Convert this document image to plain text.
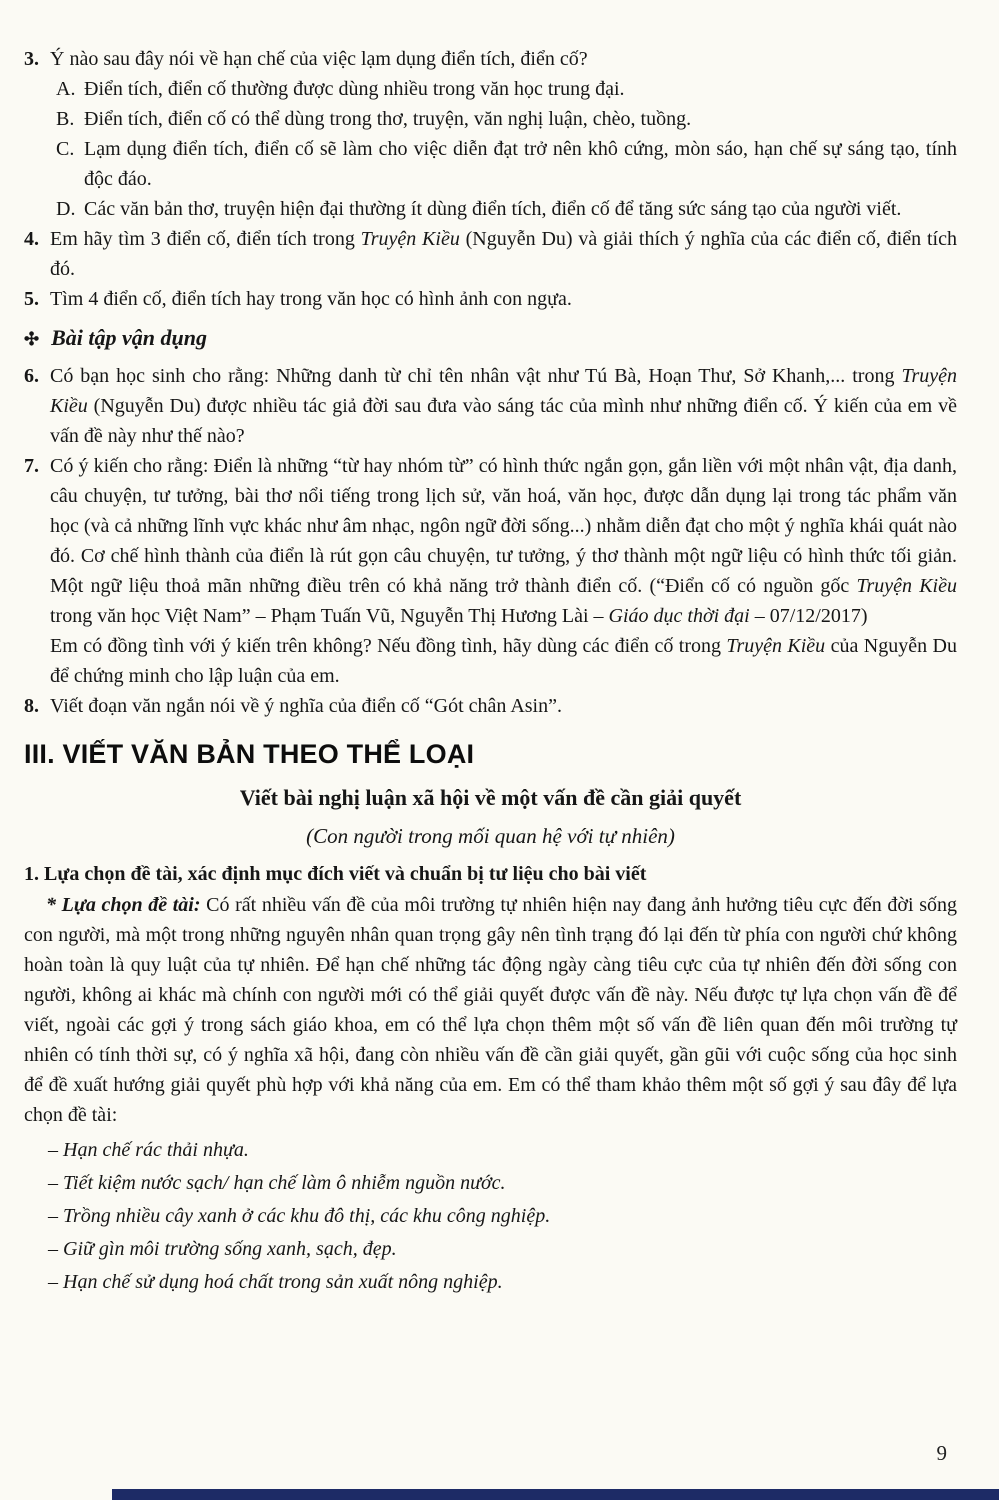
3. Ý nào sau đây nói về hạn chế của việc lạm dụng điển tích, điển cố?
A. Điển tích, điển cố thường được dùng nhiều trong văn học trung đại.
B. Điển tích, điển cố có thể dùng trong thơ, truyện, văn nghị luận, chèo, tuồng.
C. Lạm dụng điển tích, điển cố sẽ làm cho việc diễn đạt trở nên khô cứng, mòn sáo, hạn chế sự sáng tạo, tính độc đáo.
D. Các văn bản thơ, truyện hiện đại thường ít dùng điển tích, điển cố để tăng sức sáng tạo của người viết.
4. Em hãy tìm 3 điển cố, điển tích trong Truyện Kiều (Nguyễn Du) và giải thích ý nghĩa của các điển cố, điển tích đó.
5. Tìm 4 điển cố, điển tích hay trong văn học có hình ảnh con ngựa.
✣ Bài tập vận dụng
6. Có bạn học sinh cho rằng: Những danh từ chỉ tên nhân vật như Tú Bà, Hoạn Thư, Sở Khanh,... trong Truyện Kiều (Nguyễn Du) được nhiều tác giả đời sau đưa vào sáng tác của mình như những điển cố. Ý kiến của em về vấn đề này như thế nào?
7. Có ý kiến cho rằng: Điển là những “từ hay nhóm từ” có hình thức ngắn gọn, gắn liền với một nhân vật, địa danh, câu chuyện, tư tưởng, bài thơ nổi tiếng trong lịch sử, văn hoá, văn học, được dẫn dụng lại trong tác phẩm văn học (và cả những lĩnh vực khác như âm nhạc, ngôn ngữ đời sống...) nhằm diễn đạt cho một ý nghĩa khái quát nào đó. Cơ chế hình thành của điển là rút gọn câu chuyện, tư tưởng, ý thơ thành một ngữ liệu có hình thức tối giản. Một ngữ liệu thoả mãn những điều trên có khả năng trở thành điển cố. (“Điển cố có nguồn gốc Truyện Kiều trong văn học Việt Nam” – Phạm Tuấn Vũ, Nguyễn Thị Hương Lài – Giáo dục thời đại – 07/12/2017)
Em có đồng tình với ý kiến trên không? Nếu đồng tình, hãy dùng các điển cố trong Truyện Kiều của Nguyễn Du để chứng minh cho lập luận của em.
8. Viết đoạn văn ngắn nói về ý nghĩa của điển cố “Gót chân Asin”.
III. VIẾT VĂN BẢN THEO THỂ LOẠI
Viết bài nghị luận xã hội về một vấn đề cần giải quyết
(Con người trong mối quan hệ với tự nhiên)
1. Lựa chọn đề tài, xác định mục đích viết và chuẩn bị tư liệu cho bài viết

* Lựa chọn đề tài: Có rất nhiều vấn đề của môi trường tự nhiên hiện nay đang ảnh hưởng tiêu cực đến đời sống con người, mà một trong những nguyên nhân quan trọng gây nên tình trạng đó lại đến từ phía con người chứ không hoàn toàn là quy luật của tự nhiên. Để hạn chế những tác động ngày càng tiêu cực của tự nhiên đến đời sống con người, không ai khác mà chính con người mới có thể giải quyết được vấn đề này. Nếu được tự lựa chọn vấn đề để viết, ngoài các gợi ý trong sách giáo khoa, em có thể lựa chọn thêm một số vấn đề liên quan đến môi trường tự nhiên có tính thời sự, có ý nghĩa xã hội, đang còn nhiều vấn đề cần giải quyết, gần gũi với cuộc sống của học sinh để đề xuất hướng giải quyết phù hợp với khả năng của em. Em có thể tham khảo thêm một số gợi ý sau đây để lựa chọn đề tài:

– Hạn chế rác thải nhựa.
– Tiết kiệm nước sạch/ hạn chế làm ô nhiễm nguồn nước.
– Trồng nhiều cây xanh ở các khu đô thị, các khu công nghiệp.
– Giữ gìn môi trường sống xanh, sạch, đẹp.
– Hạn chế sử dụng hoá chất trong sản xuất nông nghiệp.
9
